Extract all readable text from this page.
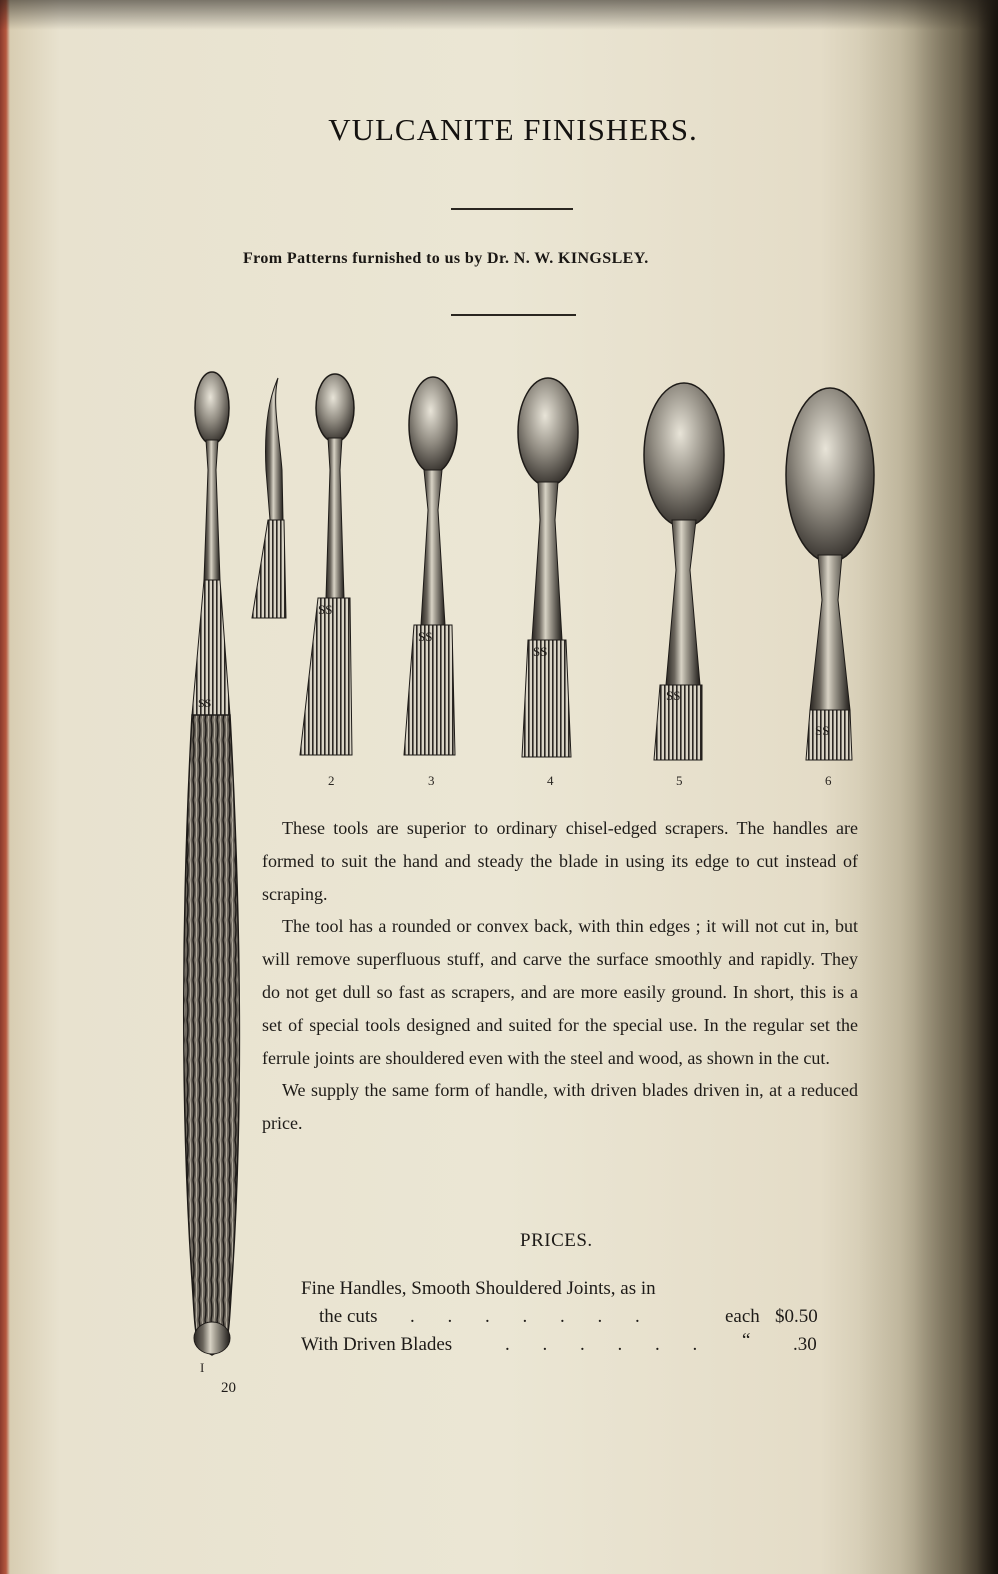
VULCANITE FINISHERS.
From Patterns furnished to us by Dr. N. W. KINGSLEY.
SS
SS
SS
SS
SS
SS
I
2	3	4	5	6

These tools are superior to ordinary chisel-edged scrapers. The handles are formed to suit the hand and steady the blade in using its edge to cut instead of scraping.

The tool has a rounded or convex back, with thin edges ; it will not cut in, but will remove superfluous stuff, and carve the surface smoothly and rapidly. They do not get dull so fast as scrapers, and are more easily ground. In short, this is a set of special tools designed and suited for the special use. In the regular set the ferrule joints are shouldered even with the steel and wood, as shown in the cut.

We supply the same form of handle, with driven blades driven in, at a reduced price.

PRICES.
Fine Handles, Smooth Shouldered Joints, as in
the cuts . . . . . . .	each $0.50
With Driven Blades	. . . . . . “ .30
20
